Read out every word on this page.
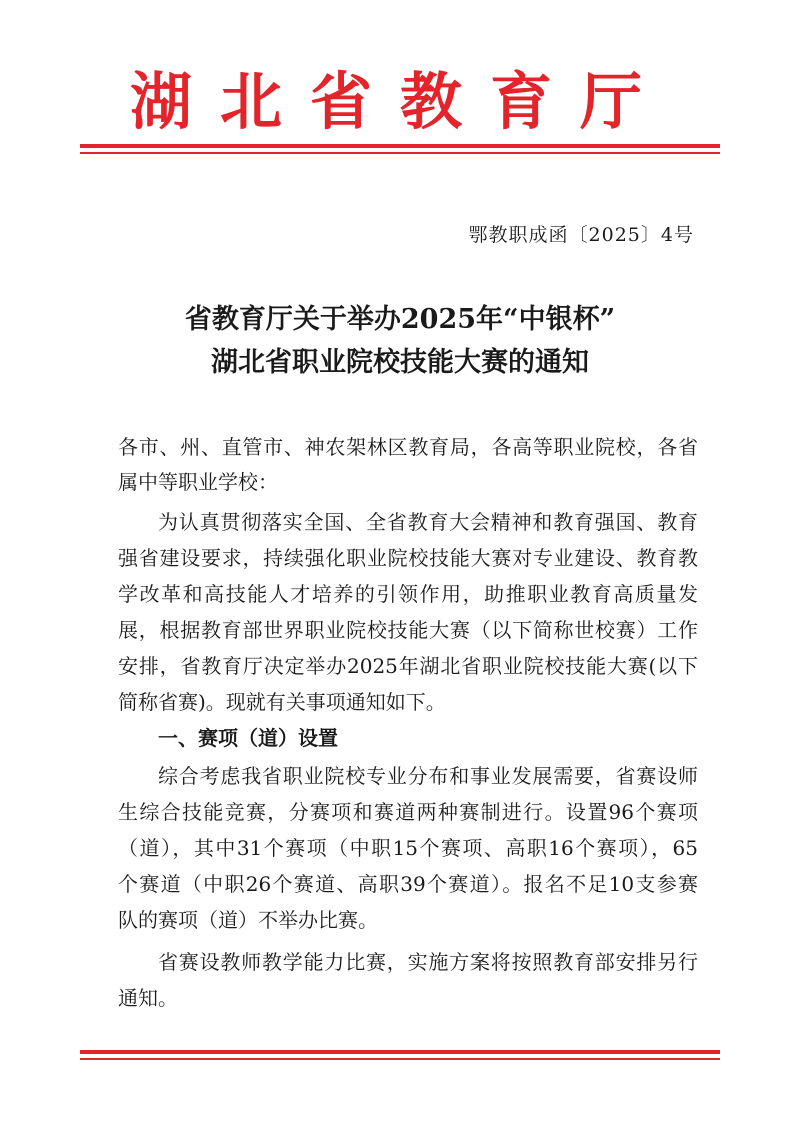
湖北省教育厅
鄂教职成函〔2025〕4号
省教育厅关于举办2025年“中银杯”
湖北省职业院校技能大赛的通知
各市、州、直管市、神农架林区教育局，各高等职业院校，各省
属中等职业学校：
为认真贯彻落实全国、全省教育大会精神和教育强国、教育
强省建设要求，持续强化职业院校技能大赛对专业建设、教育教
学改革和高技能人才培养的引领作用，助推职业教育高质量发
展，根据教育部世界职业院校技能大赛（以下简称世校赛）工作
安排，省教育厅决定举办2025年湖北省职业院校技能大赛(以下
简称省赛)。现就有关事项通知如下。
一、赛项（道）设置
综合考虑我省职业院校专业分布和事业发展需要，省赛设师
生综合技能竞赛，分赛项和赛道两种赛制进行。设置96个赛项
（道），其中31个赛项（中职15个赛项、高职16个赛项），65
个赛道（中职26个赛道、高职39个赛道）。报名不足10支参赛
队的赛项（道）不举办比赛。
省赛设教师教学能力比赛，实施方案将按照教育部安排另行
通知。
